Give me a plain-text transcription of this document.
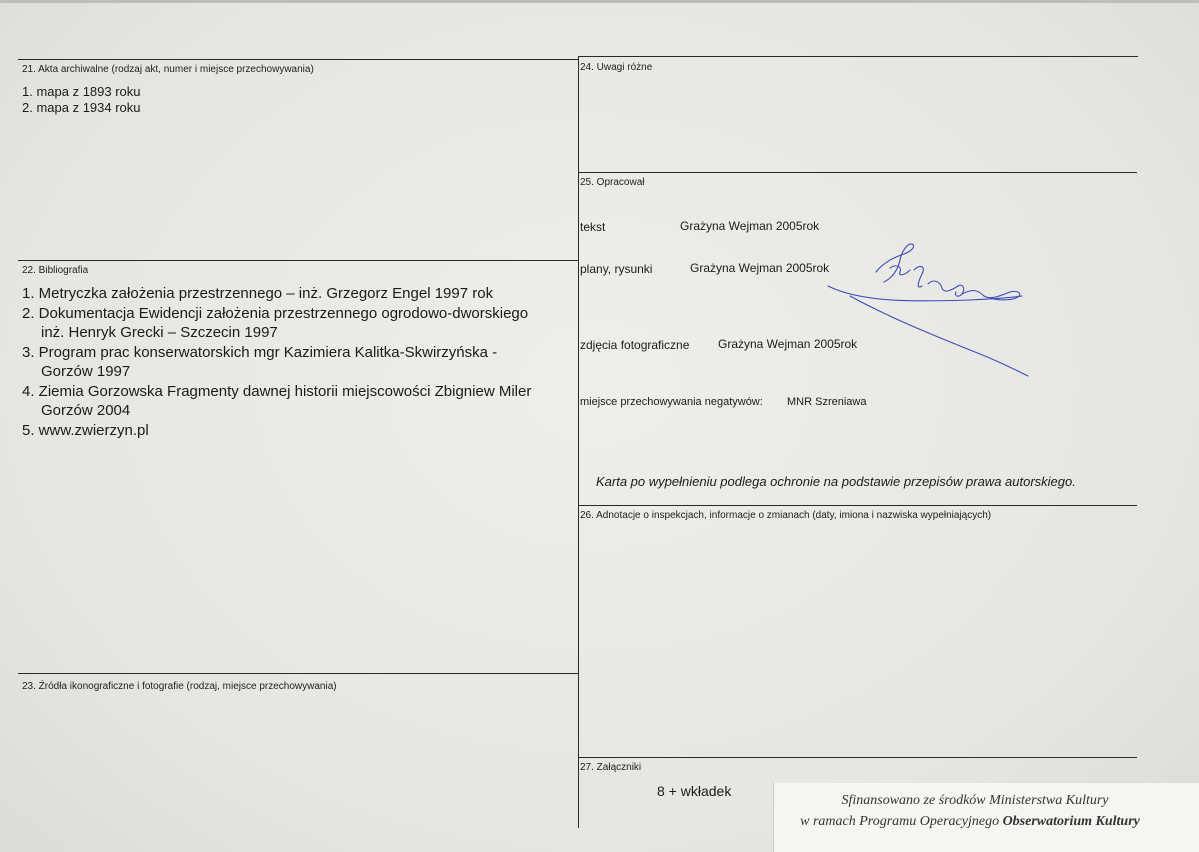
21. Akta archiwalne (rodzaj akt, numer i miejsce przechowywania)
1. mapa z 1893 roku
2. mapa z 1934 roku
22. Bibliografia
1. Metryczka założenia przestrzennego – inż. Grzegorz Engel 1997 rok
2. Dokumentacja Ewidencji założenia przestrzennego ogrodowo-dworskiego
inż. Henryk Grecki – Szczecin 1997
3. Program prac konserwatorskich mgr Kazimiera Kalitka-Skwirzyńska -
Gorzów 1997
4. Ziemia Gorzowska Fragmenty dawnej historii miejscowości Zbigniew Miler
Gorzów 2004
5. www.zwierzyn.pl
23. Źródła ikonograficzne i fotografie (rodzaj, miejsce przechowywania)
24. Uwagi różne
25. Opracował
tekst	Grażyna Wejman 2005rok
plany, rysunki	Grażyna Wejman 2005rok
zdjęcia fotograficzne Grażyna Wejman 2005rok
miejsce przechowywania negatywów: MNR Szreniawa
Karta po wypełnieniu podlega ochronie na podstawie przepisów prawa autorskiego.
26. Adnotacje o inspekcjach, informacje o zmianach (daty, imiona i nazwiska wypełniających)
27. Załączniki
8 + wkładek
Sfinansowano ze środków Ministerstwa Kultury
w ramach Programu Operacyjnego Obserwatorium Kultury
